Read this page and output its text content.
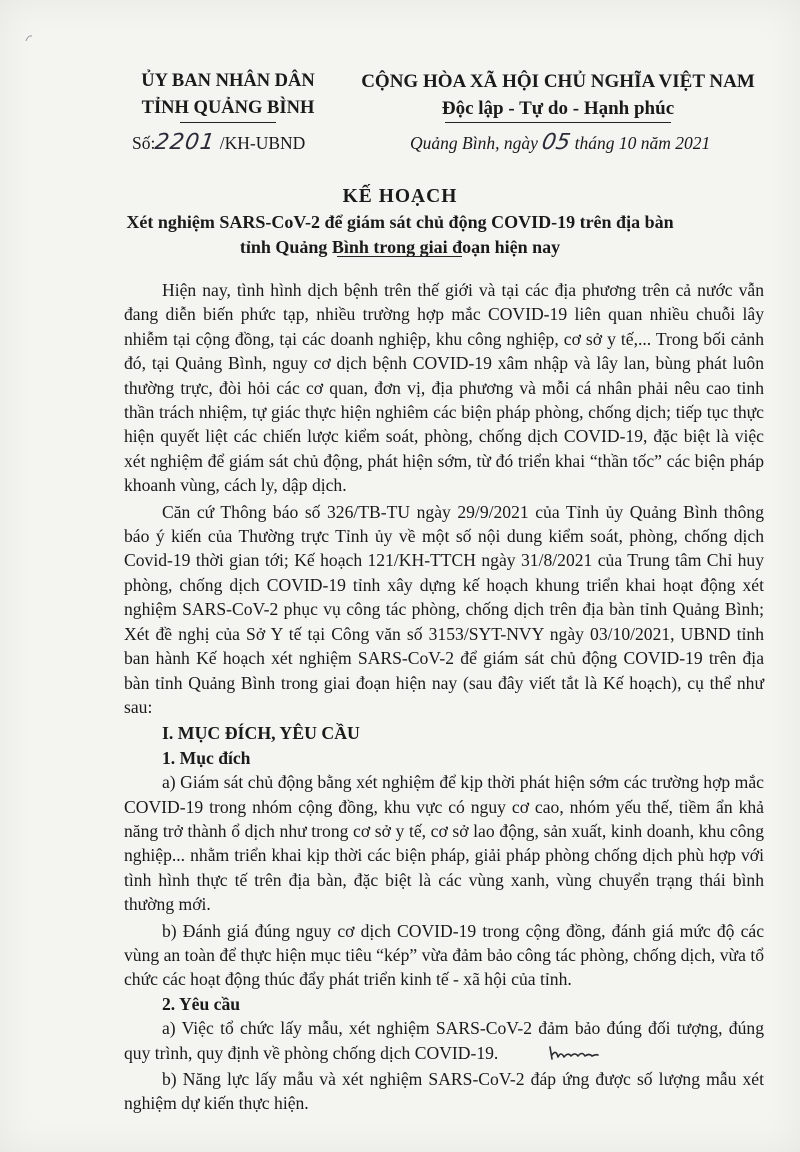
ỦY BAN NHÂN DÂN
TỈNH QUẢNG BÌNH
CỘNG HÒA XÃ HỘI CHỦ NGHĨA VIỆT NAM
Độc lập - Tự do - Hạnh phúc
Số:2201 /KH-UBND	Quảng Bình, ngày 05 tháng 10 năm 2021
KẾ HOẠCH
Xét nghiệm SARS-CoV-2 để giám sát chủ động COVID-19 trên địa bàn
tỉnh Quảng Bình trong giai đoạn hiện nay

Hiện nay, tình hình dịch bệnh trên thế giới và tại các địa phương trên cả nước vẫn đang diễn biến phức tạp, nhiều trường hợp mắc COVID-19 liên quan nhiều chuỗi lây nhiễm tại cộng đồng, tại các doanh nghiệp, khu công nghiệp, cơ sở y tế,... Trong bối cảnh đó, tại Quảng Bình, nguy cơ dịch bệnh COVID-19 xâm nhập và lây lan, bùng phát luôn thường trực, đòi hỏi các cơ quan, đơn vị, địa phương và mỗi cá nhân phải nêu cao tinh thần trách nhiệm, tự giác thực hiện nghiêm các biện pháp phòng, chống dịch; tiếp tục thực hiện quyết liệt các chiến lược kiểm soát, phòng, chống dịch COVID-19, đặc biệt là việc xét nghiệm để giám sát chủ động, phát hiện sớm, từ đó triển khai “thần tốc” các biện pháp khoanh vùng, cách ly, dập dịch.

Căn cứ Thông báo số 326/TB-TU ngày 29/9/2021 của Tỉnh ủy Quảng Bình thông báo ý kiến của Thường trực Tỉnh ủy về một số nội dung kiểm soát, phòng, chống dịch Covid-19 thời gian tới; Kế hoạch 121/KH-TTCH ngày 31/8/2021 của Trung tâm Chỉ huy phòng, chống dịch COVID-19 tỉnh xây dựng kế hoạch khung triển khai hoạt động xét nghiệm SARS-CoV-2 phục vụ công tác phòng, chống dịch trên địa bàn tỉnh Quảng Bình; Xét đề nghị của Sở Y tế tại Công văn số 3153/SYT-NVY ngày 03/10/2021, UBND tỉnh ban hành Kế hoạch xét nghiệm SARS-CoV-2 để giám sát chủ động COVID-19 trên địa bàn tỉnh Quảng Bình trong giai đoạn hiện nay (sau đây viết tắt là Kế hoạch), cụ thể như sau:

I. MỤC ĐÍCH, YÊU CẦU
1. Mục đích

a) Giám sát chủ động bằng xét nghiệm để kịp thời phát hiện sớm các trường hợp mắc COVID-19 trong nhóm cộng đồng, khu vực có nguy cơ cao, nhóm yếu thế, tiềm ẩn khả năng trở thành ổ dịch như trong cơ sở y tế, cơ sở lao động, sản xuất, kinh doanh, khu công nghiệp... nhằm triển khai kịp thời các biện pháp, giải pháp phòng chống dịch phù hợp với tình hình thực tế trên địa bàn, đặc biệt là các vùng xanh, vùng chuyển trạng thái bình thường mới.

b) Đánh giá đúng nguy cơ dịch COVID-19 trong cộng đồng, đánh giá mức độ các vùng an toàn để thực hiện mục tiêu “kép” vừa đảm bảo công tác phòng, chống dịch, vừa tổ chức các hoạt động thúc đẩy phát triển kinh tế - xã hội của tỉnh.

2. Yêu cầu

a) Việc tổ chức lấy mẫu, xét nghiệm SARS-CoV-2 đảm bảo đúng đối tượng, đúng quy trình, quy định về phòng chống dịch COVID-19.

b) Năng lực lấy mẫu và xét nghiệm SARS-CoV-2 đáp ứng được số lượng mẫu xét nghiệm dự kiến thực hiện.
